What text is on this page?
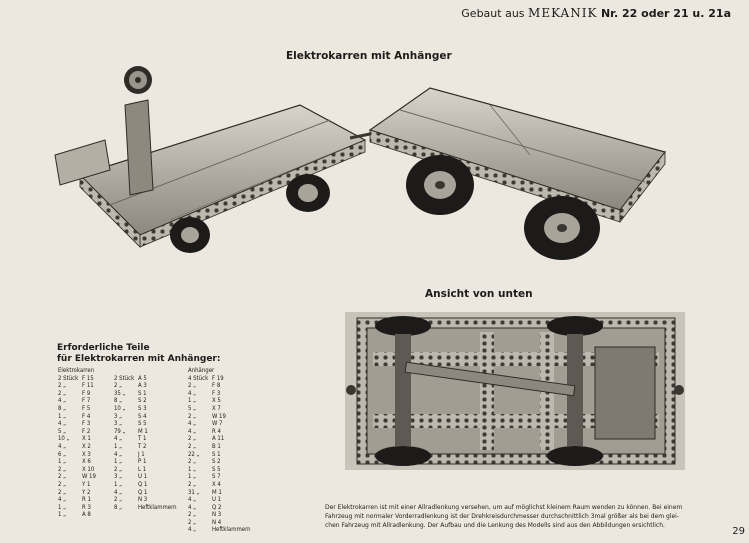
Gebaut aus MEKANIK Nr. 22 oder 21 u. 21a
Elektrokarren mit Anhänger
Ansicht von unten
Erforderliche Teile
für Elektrokarren mit Anhänger:
Elektrokarren
2 Stück F 15
2 „	F 11
2 „	F 9
4 „	F 7
8 „	F 5
1 „	F 4
4 „	F 3
5 „	F 2
10 „	X 1
4 „	X 2
6 „	X 3
1 „	X 6
2 „	X 10
2 „	W 19
2 „	Y 1
2 „	Y 2
4 „	R 1
1 „	R 3
1 „	A 8
2 Stück A 5
2 „	A 3
35 „	S 1
8 „	S 2
10 „	S 3
3 „	S 4
3 „	S 5
79 „	M 1
4 „	T 1
1 „	T 2
4 „	J 1
1 „	P 1
2 „	L 1
3 „	U 1
1 „	Q 1
4 „	Q 1
2 „	N 3
8 „	Heftklammern
Anhänger
4 Stück F 19
2 „	F 8
4 „	F 3
1 „	X 5
5 „	X 7
2 „	W 19
4 „	W 7
4 „	R 4
2 „	A 11
2 „	B 1
22 „	S 1
2 „	S 2
1 „	S 5
1 „	S 7
2 „	X 4
31 „	M 1
4 „	U 1
4 „	Q 2
2 „	N 3
2 „	N 4
4 „	Heftklammern
Der Elektrokarren ist mit einer Allradlenkung versehen, um auf möglichst kleinem Raum wenden zu können. Bei einem
Fahrzeug mit normaler Vorderradlenkung ist der Drehkreisdurchmesser durchschnittlich 3mal größer als bei dem glei-
chen Fahrzeug mit Allradlenkung. Der Aufbau und die Lenkung des Modells sind aus den Abbildungen ersichtlich.
29
